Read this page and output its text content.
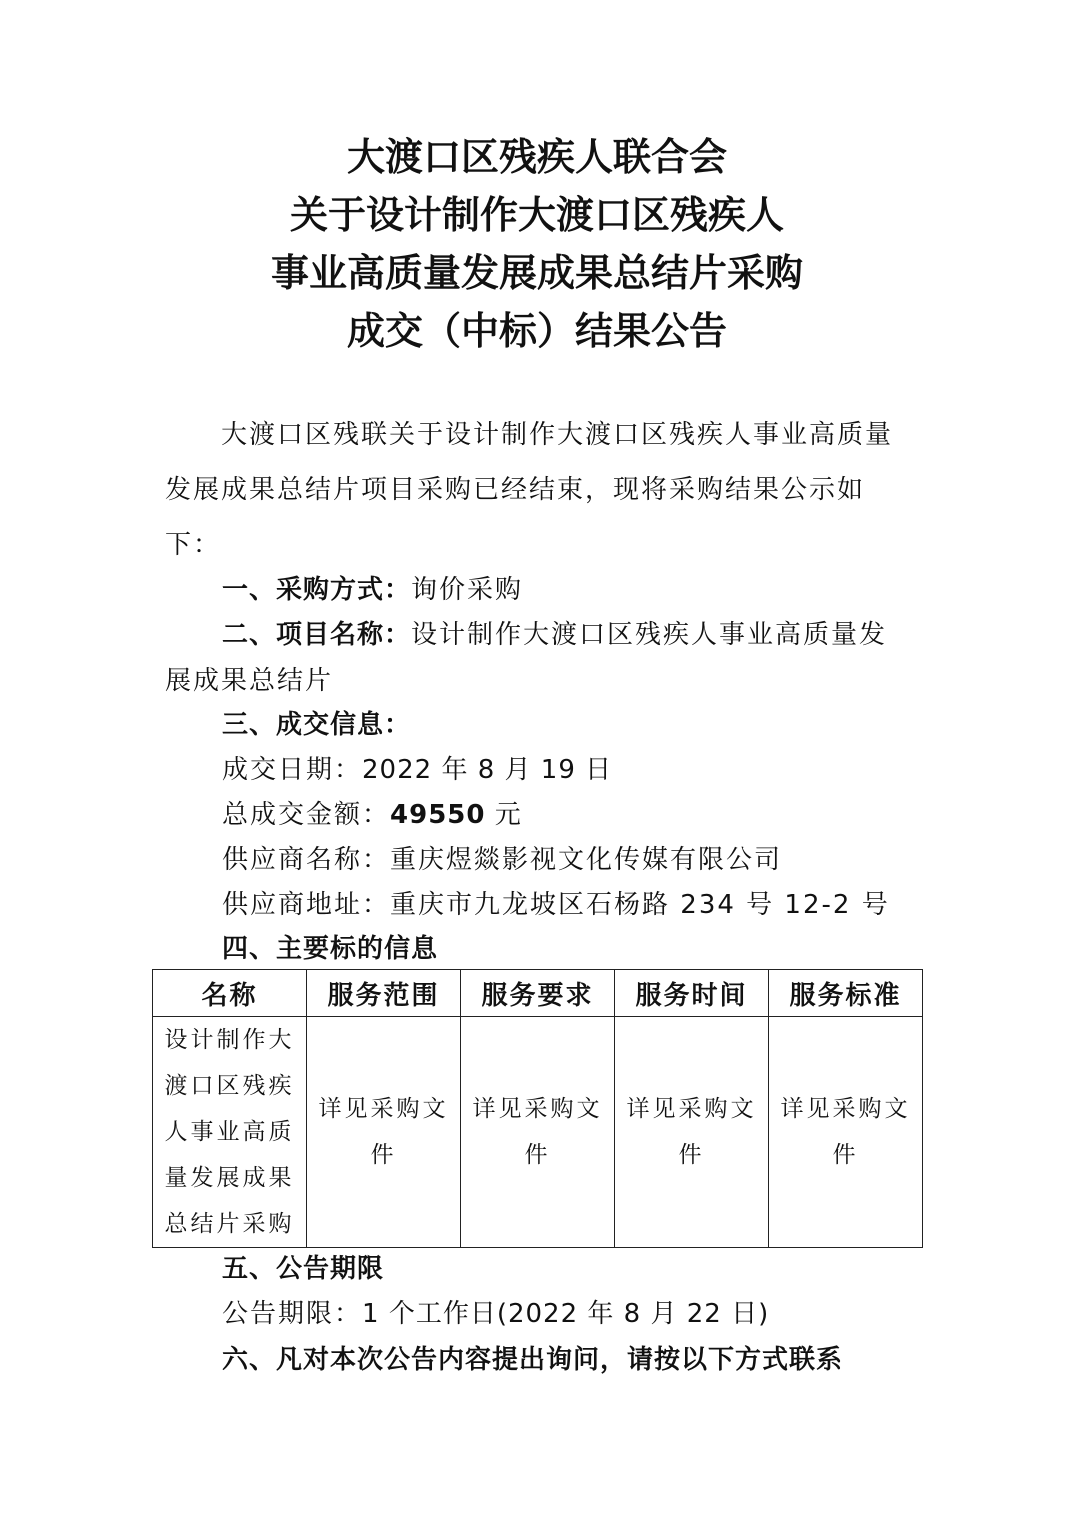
大渡口区残疾人联合会
关于设计制作大渡口区残疾人
事业高质量发展成果总结片采购
成交（中标）结果公告

大渡口区残联关于设计制作大渡口区残疾人事业高质量发展成果总结片项目采购已经结束，现将采购结果公示如下：

一、采购方式：询价采购
二、项目名称：设计制作大渡口区残疾人事业高质量发
展成果总结片
三、成交信息：
成交日期：2022 年 8 月 19 日
总成交金额：49550 元
供应商名称：重庆煜燚影视文化传媒有限公司
供应商地址：重庆市九龙坡区石杨路 234 号 12-2 号
四、主要标的信息
名称	服务范围	服务要求	服务时间	服务标准
设计制作大渡口区残疾人事业高质量发展成果总结片采购	详见采购文件	详见采购文件	详见采购文件	详见采购文件
五、公告期限
公告期限：1 个工作日(2022 年 8 月 22 日)
六、凡对本次公告内容提出询问，请按以下方式联系
